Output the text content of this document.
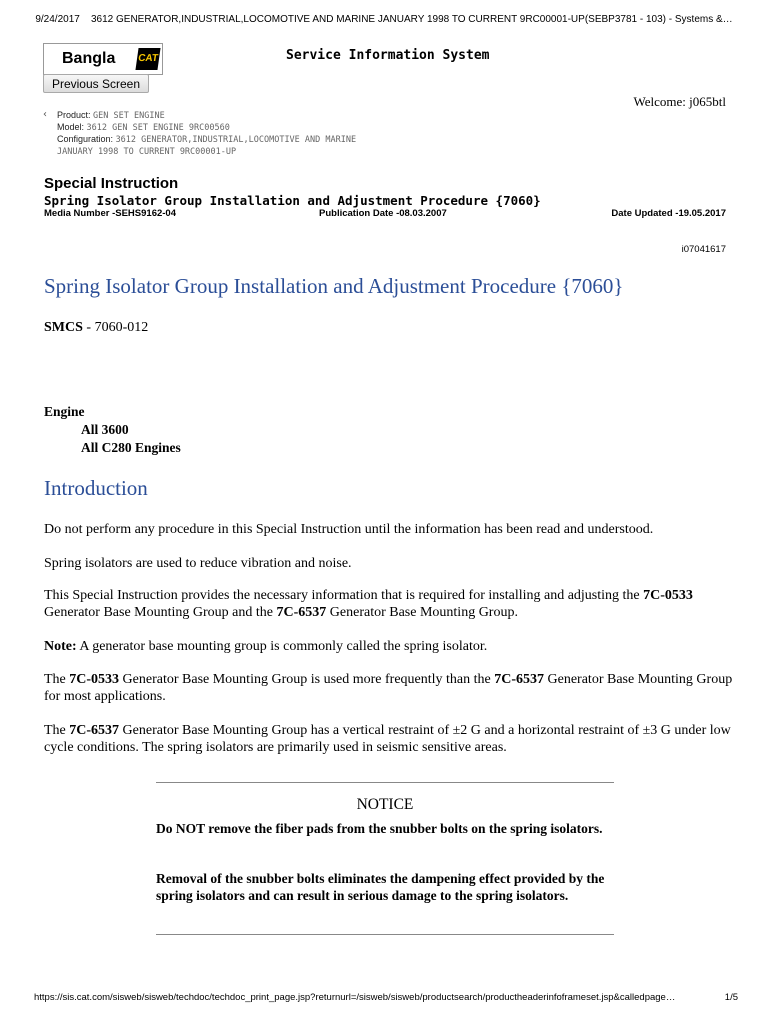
9/24/2017 3612 GENERATOR,INDUSTRIAL,LOCOMOTIVE AND MARINE JANUARY 1998 TO CURRENT 9RC00001-UP(SEBP3781 - 103) - Systems &…
Bangla CAT
Previous Screen
Service Information System
Welcome: j065btl
‹ Product: GEN SET ENGINE
Model: 3612 GEN SET ENGINE 9RC00560
Configuration: 3612 GENERATOR,INDUSTRIAL,LOCOMOTIVE AND MARINE
JANUARY 1998 TO CURRENT 9RC00001-UP
Special Instruction
Spring Isolator Group Installation and Adjustment Procedure {7060}
Media Number -SEHS9162-04	Publication Date -08.03.2007	Date Updated -19.05.2017
i07041617
Spring Isolator Group Installation and Adjustment Procedure {7060}
SMCS - 7060-012
Engine
All 3600
All C280 Engines
Introduction
Do not perform any procedure in this Special Instruction until the information has been read and understood.
Spring isolators are used to reduce vibration and noise.
This Special Instruction provides the necessary information that is required for installing and adjusting the 7C-0533 Generator Base Mounting Group and the 7C-6537 Generator Base Mounting Group.
Note: A generator base mounting group is commonly called the spring isolator.
The 7C-0533 Generator Base Mounting Group is used more frequently than the 7C-6537 Generator Base Mounting Group for most applications.
The 7C-6537 Generator Base Mounting Group has a vertical restraint of ±2 G and a horizontal restraint of ±3 G under low cycle conditions. The spring isolators are primarily used in seismic sensitive areas.
NOTICE
Do NOT remove the fiber pads from the snubber bolts on the spring isolators.
Removal of the snubber bolts eliminates the dampening effect provided by the spring isolators and can result in serious damage to the spring isolators.
https://sis.cat.com/sisweb/sisweb/techdoc/techdoc_print_page.jsp?returnurl=/sisweb/sisweb/productsearch/productheaderinfoframeset.jsp&calledpage…	1/5
